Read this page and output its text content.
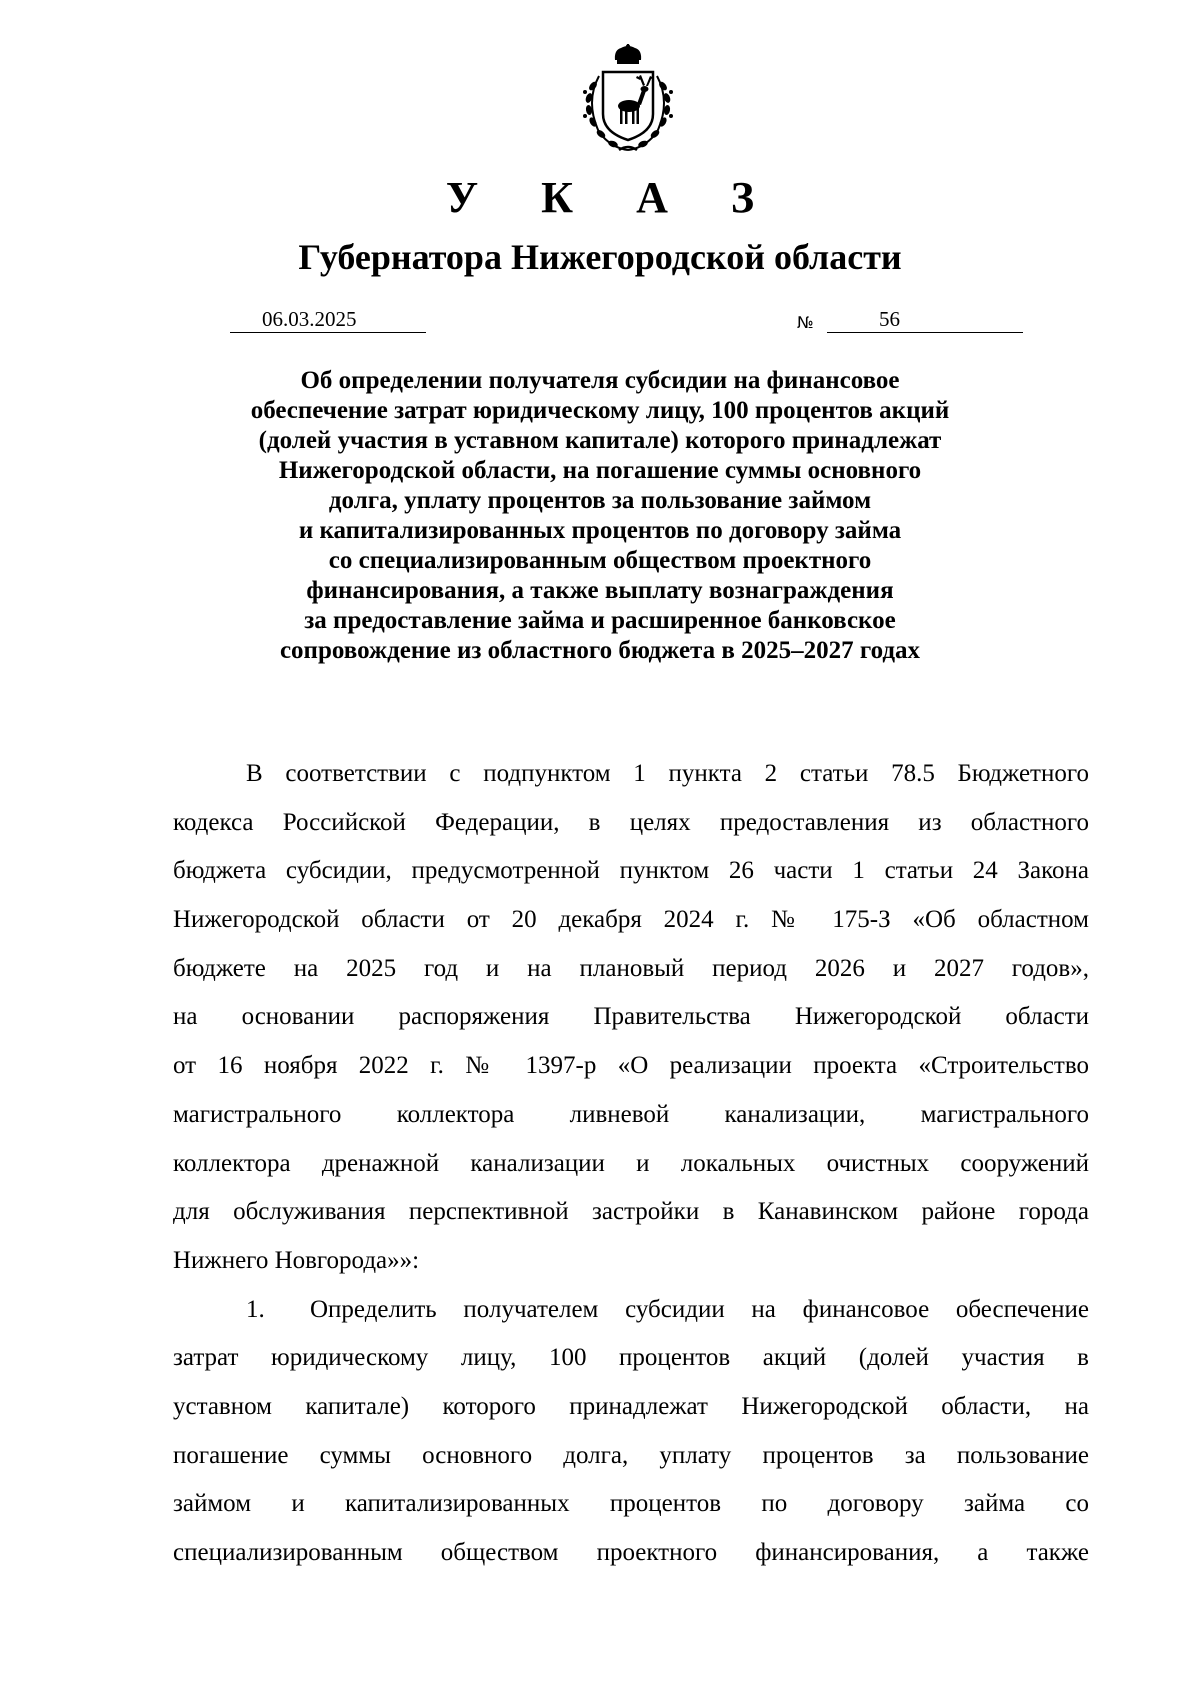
У К А З
Губернатора Нижегородской области
06.03.2025	№	56
Об определении получателя субсидии на финансовое
обеспечение затрат юридическому лицу, 100 процентов акций
(долей участия в уставном капитале) которого принадлежат
Нижегородской области, на погашение суммы основного
долга, уплату процентов за пользование займом
и капитализированных процентов по договору займа
со специализированным обществом проектного
финансирования, а также выплату вознаграждения
за предоставление займа и расширенное банковское
сопровождение из областного бюджета в 2025–2027 годах
В соответствии с подпунктом 1 пункта 2 статьи 78.5 Бюджетного
кодекса Российской Федерации, в целях предоставления из областного
бюджета субсидии, предусмотренной пунктом 26 части 1 статьи 24 Закона
Нижегородской области от 20 декабря 2024 г. № 175-З «Об областном
бюджете на 2025 год и на плановый период 2026 и 2027 годов»,
на основании распоряжения Правительства Нижегородской области
от 16 ноября 2022 г. № 1397-р «О реализации проекта «Строительство
магистрального коллектора ливневой канализации, магистрального
коллектора дренажной канализации и локальных очистных сооружений
для обслуживания перспективной застройки в Канавинском районе города
Нижнего Новгорода»»:
1.	Определить получателем субсидии на финансовое обеспечение
затрат юридическому лицу, 100 процентов акций (долей участия в
уставном капитале) которого принадлежат Нижегородской области, на
погашение суммы основного долга, уплату процентов за пользование
займом и капитализированных процентов по договору займа со
специализированным обществом проектного финансирования, а также
